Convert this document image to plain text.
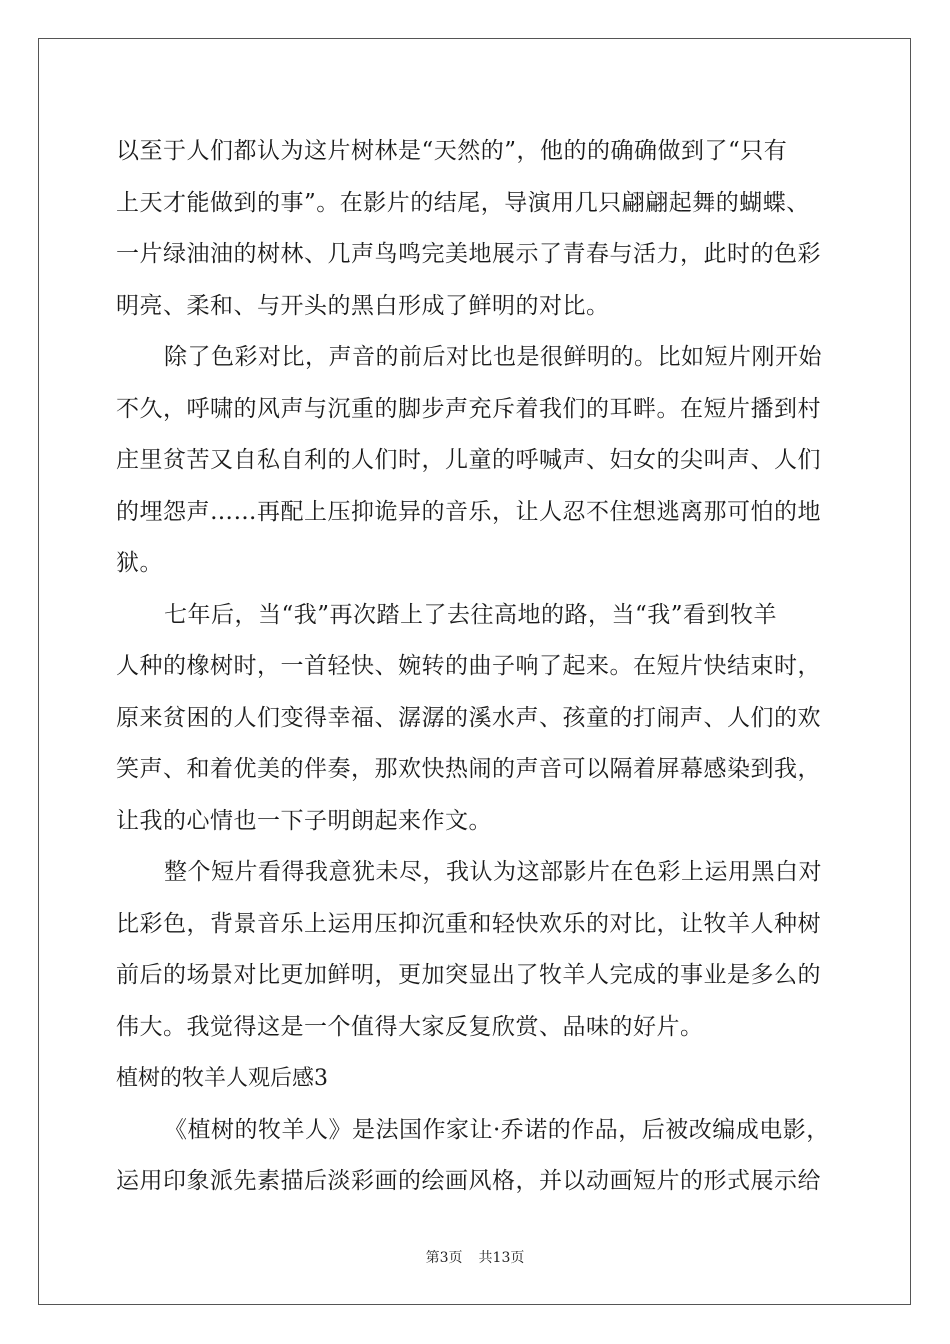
以至于人们都认为这片树林是“天然的”，他的的确确做到了“只有
上天才能做到的事”。在影片的结尾，导演用几只翩翩起舞的蝴蝶、
一片绿油油的树林、几声鸟鸣完美地展示了青春与活力，此时的色彩
明亮、柔和、与开头的黑白形成了鲜明的对比。
除了色彩对比，声音的前后对比也是很鲜明的。比如短片刚开始
不久，呼啸的风声与沉重的脚步声充斥着我们的耳畔。在短片播到村
庄里贫苦又自私自利的人们时，儿童的呼喊声、妇女的尖叫声、人们
的埋怨声……再配上压抑诡异的音乐，让人忍不住想逃离那可怕的地
狱。
七年后，当“我”再次踏上了去往高地的路，当“我”看到牧羊
人种的橡树时，一首轻快、婉转的曲子响了起来。在短片快结束时，
原来贫困的人们变得幸福、潺潺的溪水声、孩童的打闹声、人们的欢
笑声、和着优美的伴奏，那欢快热闹的声音可以隔着屏幕感染到我，
让我的心情也一下子明朗起来作文。
整个短片看得我意犹未尽，我认为这部影片在色彩上运用黑白对
比彩色，背景音乐上运用压抑沉重和轻快欢乐的对比，让牧羊人种树
前后的场景对比更加鲜明，更加突显出了牧羊人完成的事业是多么的
伟大。我觉得这是一个值得大家反复欣赏、品味的好片。
植树的牧羊人观后感3
《植树的牧羊人》是法国作家让·乔诺的作品，后被改编成电影，
运用印象派先素描后淡彩画的绘画风格，并以动画短片的形式展示给
第3页 共13页
